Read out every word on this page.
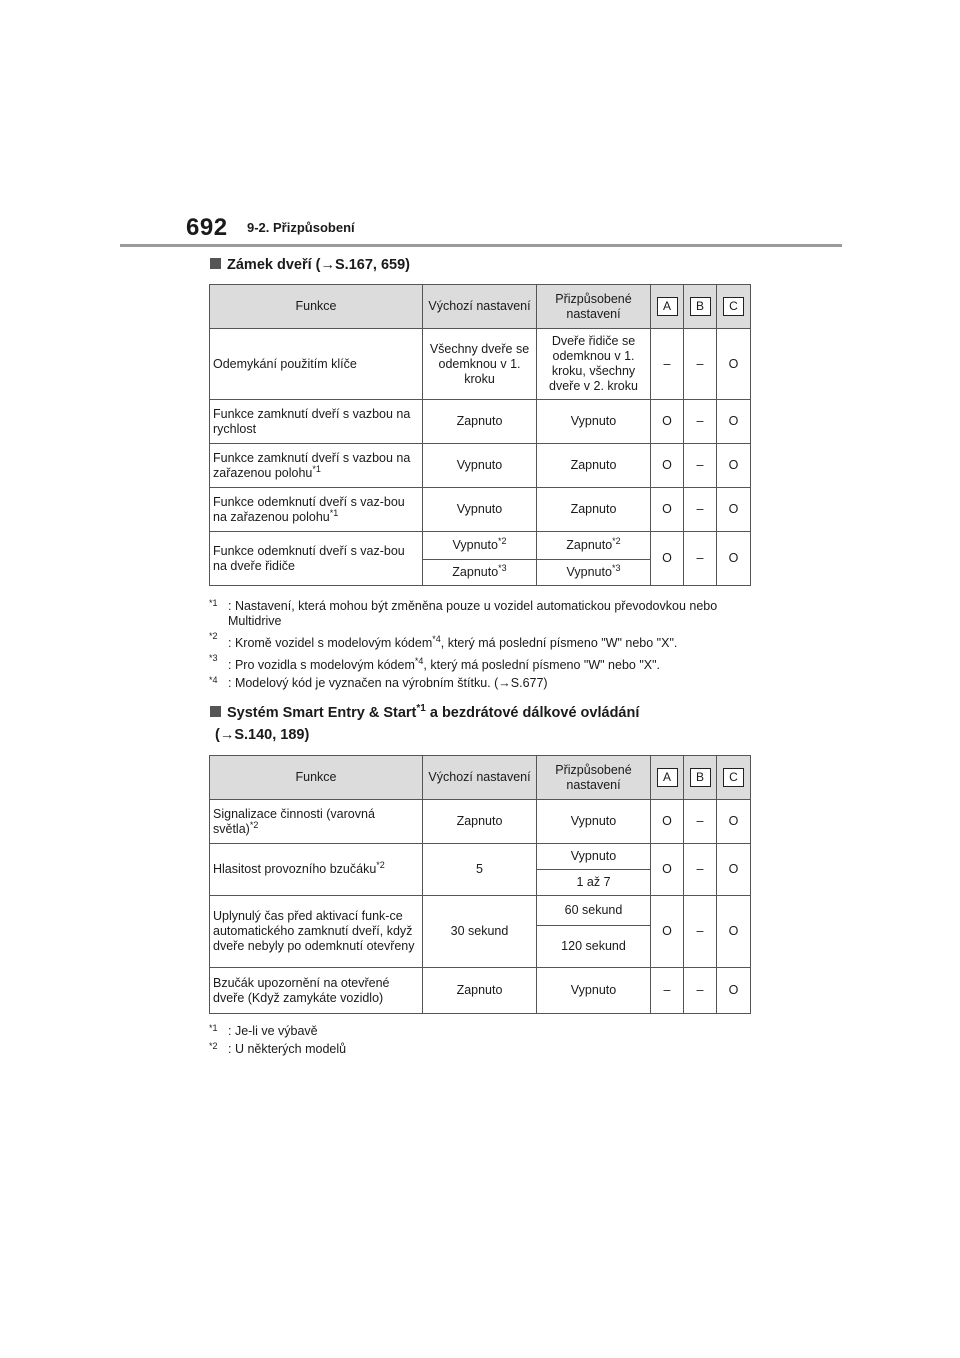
692 9-2. Přizpůsobení
Zámek dveří (→S.167, 659)
Funkce	Výchozí nastavení	Přizpůsobené nastavení	A	B	C
Odemykání použitím klíče	Všechny dveře se odemknou v 1. kroku	Dveře řidiče se odemknou v 1. kroku, všechny dveře v 2. kroku	–	–	O
Funkce zamknutí dveří s vazbou na rychlost	Zapnuto	Vypnuto	O	–	O
Funkce zamknutí dveří s vazbou na zařazenou polohu$^{*1}$	Vypnuto	Zapnuto	O	–	O
Funkce odemknutí dveří s vaz-bou na zařazenou polohu$^{*1}$	Vypnuto	Zapnuto	O	–	O
Funkce odemknutí dveří s vaz-bou na dveře řidiče	Vypnuto$^{*2}$	Zapnuto$^{*2}$	O	–	O
	Zapnuto$^{*3}$	Vypnuto$^{*3}$
*1 : Nastavení, která mohou být změněna pouze u vozidel automatickou převodovkou nebo Multidrive
*2
: Kromě vozidel s modelovým kódem$^{*4}$, který má poslední písmeno "W" nebo "X".
*3
: Pro vozidla s modelovým kódem$^{*4}$, který má poslední písmeno "W" nebo "X".
*4 : Modelový kód je vyznačen na výrobním štítku. (→S.677)
Systém Smart Entry & Start$^{*1}$ a bezdrátové dálkové ovládání
(→S.140, 189)
Funkce	Výchozí nastavení	Přizpůsobené nastavení	A	B	C
Signalizace činnosti (varovná světla)$^{*2}$	Zapnuto	Vypnuto	O	–	O
Hlasitost provozního bzučáku$^{*2}$	5	Vypnuto	O	–	O
		1 až 7			
Uplynulý čas před aktivací funk-ce automatického zamknutí dveří, když dveře nebyly po odemknutí otevřeny	30 sekund	60 sekund	O	–	O
		120 sekund			
Bzučák upozornění na otevřené dveře (Když zamykáte vozidlo)	Zapnuto	Vypnuto	–	–	O
*1 : Je-li ve výbavě
*2 : U některých modelů
